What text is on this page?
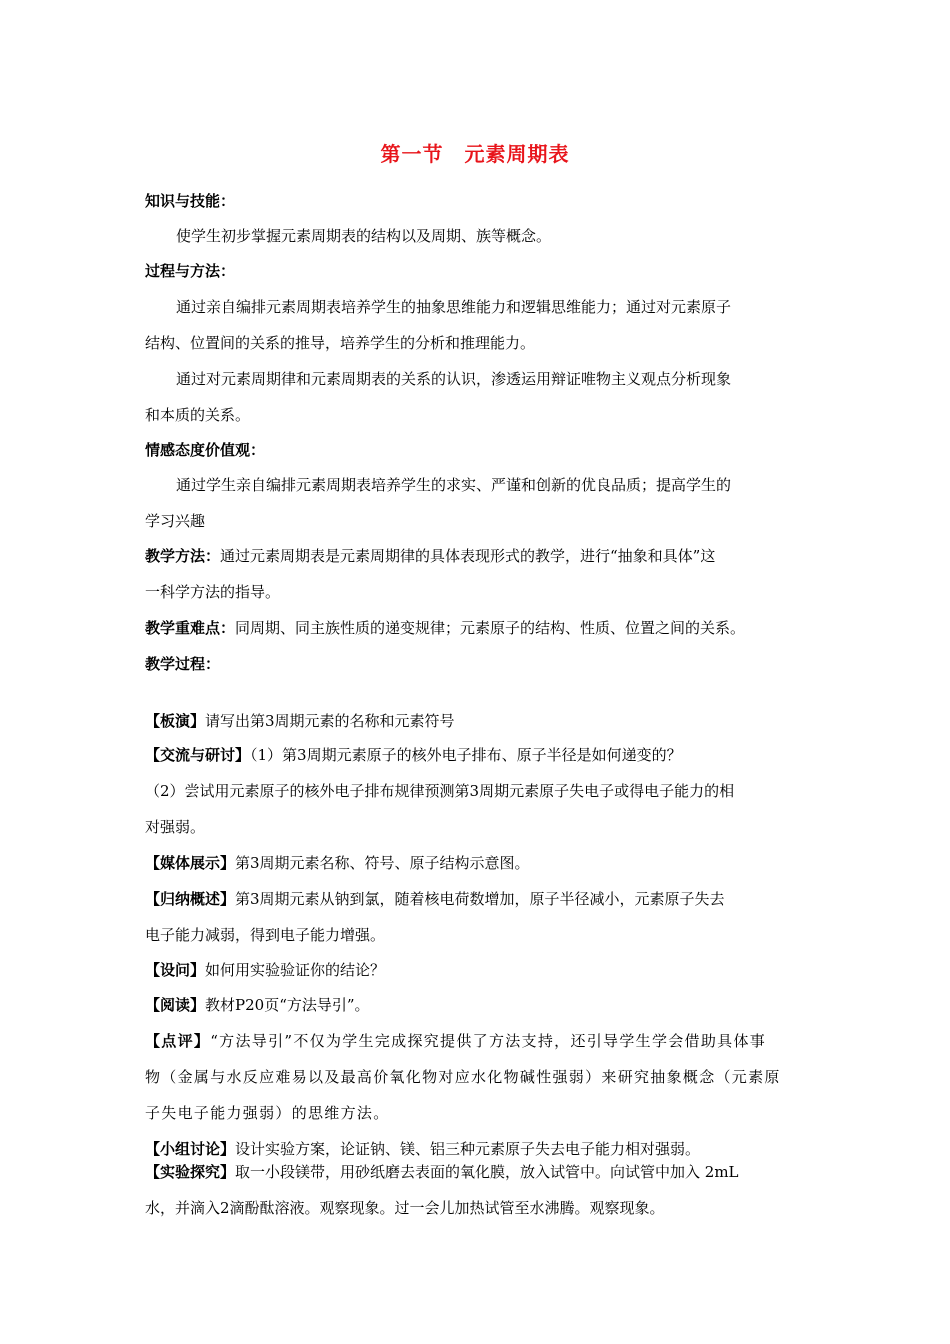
第一节　元素周期表
知识与技能：
使学生初步掌握元素周期表的结构以及周期、族等概念。
过程与方法：
通过亲自编排元素周期表培养学生的抽象思维能力和逻辑思维能力；通过对元素原子
结构、位置间的关系的推导，培养学生的分析和推理能力。
通过对元素周期律和元素周期表的关系的认识，渗透运用辩证唯物主义观点分析现象
和本质的关系。
情感态度价值观：
通过学生亲自编排元素周期表培养学生的求实、严谨和创新的优良品质；提高学生的
学习兴趣
教学方法：通过元素周期表是元素周期律的具体表现形式的教学，进行“抽象和具体”这
一科学方法的指导。
教学重难点：同周期、同主族性质的递变规律；元素原子的结构、性质、位置之间的关系。
教学过程：
【板演】请写出第3周期元素的名称和元素符号
【交流与研讨】（1）第3周期元素原子的核外电子排布、原子半径是如何递变的？
（2）尝试用元素原子的核外电子排布规律预测第3周期元素原子失电子或得电子能力的相
对强弱。
【媒体展示】第3周期元素名称、符号、原子结构示意图。
【归纳概述】第3周期元素从钠到氯，随着核电荷数增加，原子半径减小，元素原子失去
电子能力减弱，得到电子能力增强。
【设问】如何用实验验证你的结论？
【阅读】教材P20页“方法导引”。
【点评】“方法导引”不仅为学生完成探究提供了方法支持，还引导学生学会借助具体事
物（金属与水反应难易以及最高价氧化物对应水化物碱性强弱）来研究抽象概念（元素原
子失电子能力强弱）的思维方法。
【小组讨论】设计实验方案，论证钠、镁、铝三种元素原子失去电子能力相对强弱。
【实验探究】取一小段镁带，用砂纸磨去表面的氧化膜，放入试管中。向试管中加入 2mL
水，并滴入2滴酚酞溶液。观察现象。过一会儿加热试管至水沸腾。观察现象。
